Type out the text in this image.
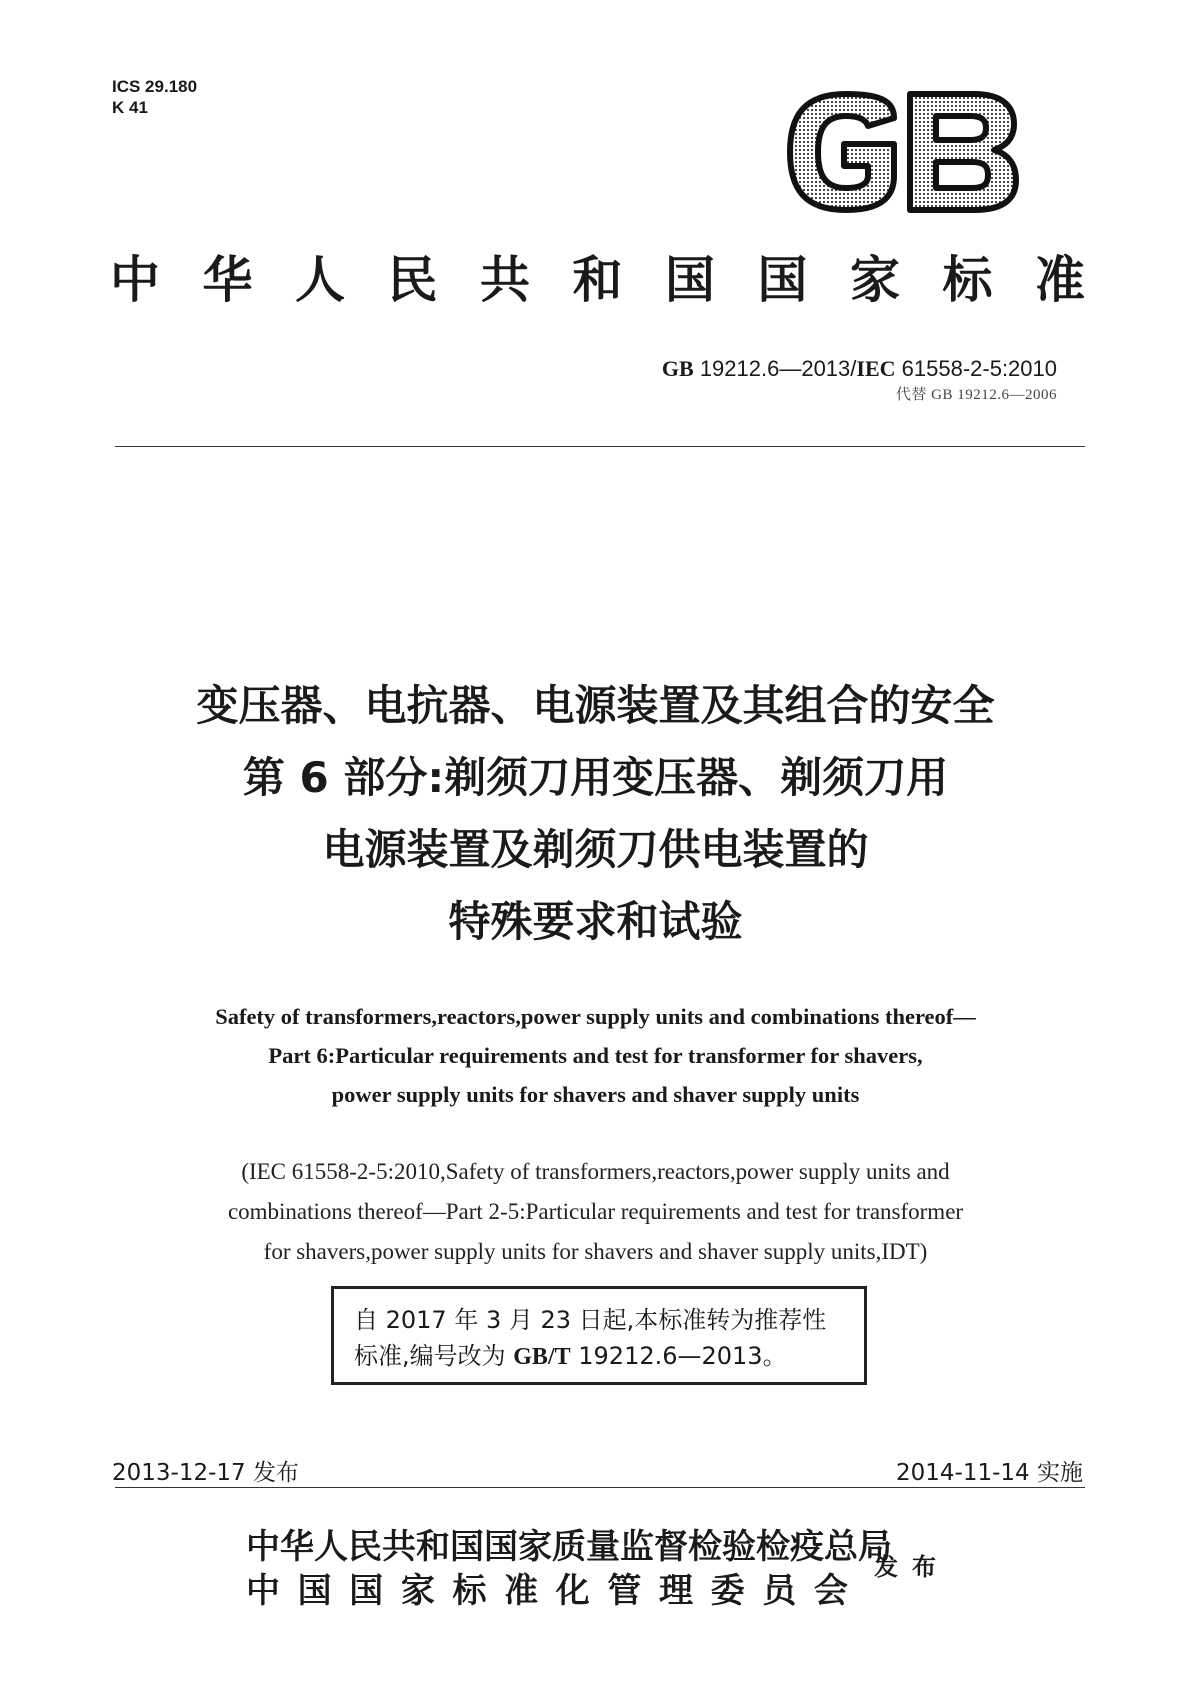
ICS 29.180
K 41
中 华 人 民 共 和 国 国 家 标 准
GB 19212.6—2013/IEC 61558-2-5:2010
代替 GB 19212.6—2006
变压器、电抗器、电源装置及其组合的安全
第 6 部分:剃须刀用变压器、剃须刀用
电源装置及剃须刀供电装置的
特殊要求和试验
Safety of transformers,reactors,power supply units and combinations thereof—
Part 6:Particular requirements and test for transformer for shavers,
power supply units for shavers and shaver supply units
(IEC 61558-2-5:2010,Safety of transformers,reactors,power supply units and
combinations thereof—Part 2-5:Particular requirements and test for transformer
for shavers,power supply units for shavers and shaver supply units,IDT)
自 2017 年 3 月 23 日起,本标准转为推荐性
标准,编号改为 GB/T 19212.6—2013。
2013-12-17 发布	2014-11-14 实施
中 华 人 民 共 和 国 国 家 质 量 监 督 检 验 检 疫 总 局
中 国 国 家 标 准 化 管 理 委 员 会
发布
